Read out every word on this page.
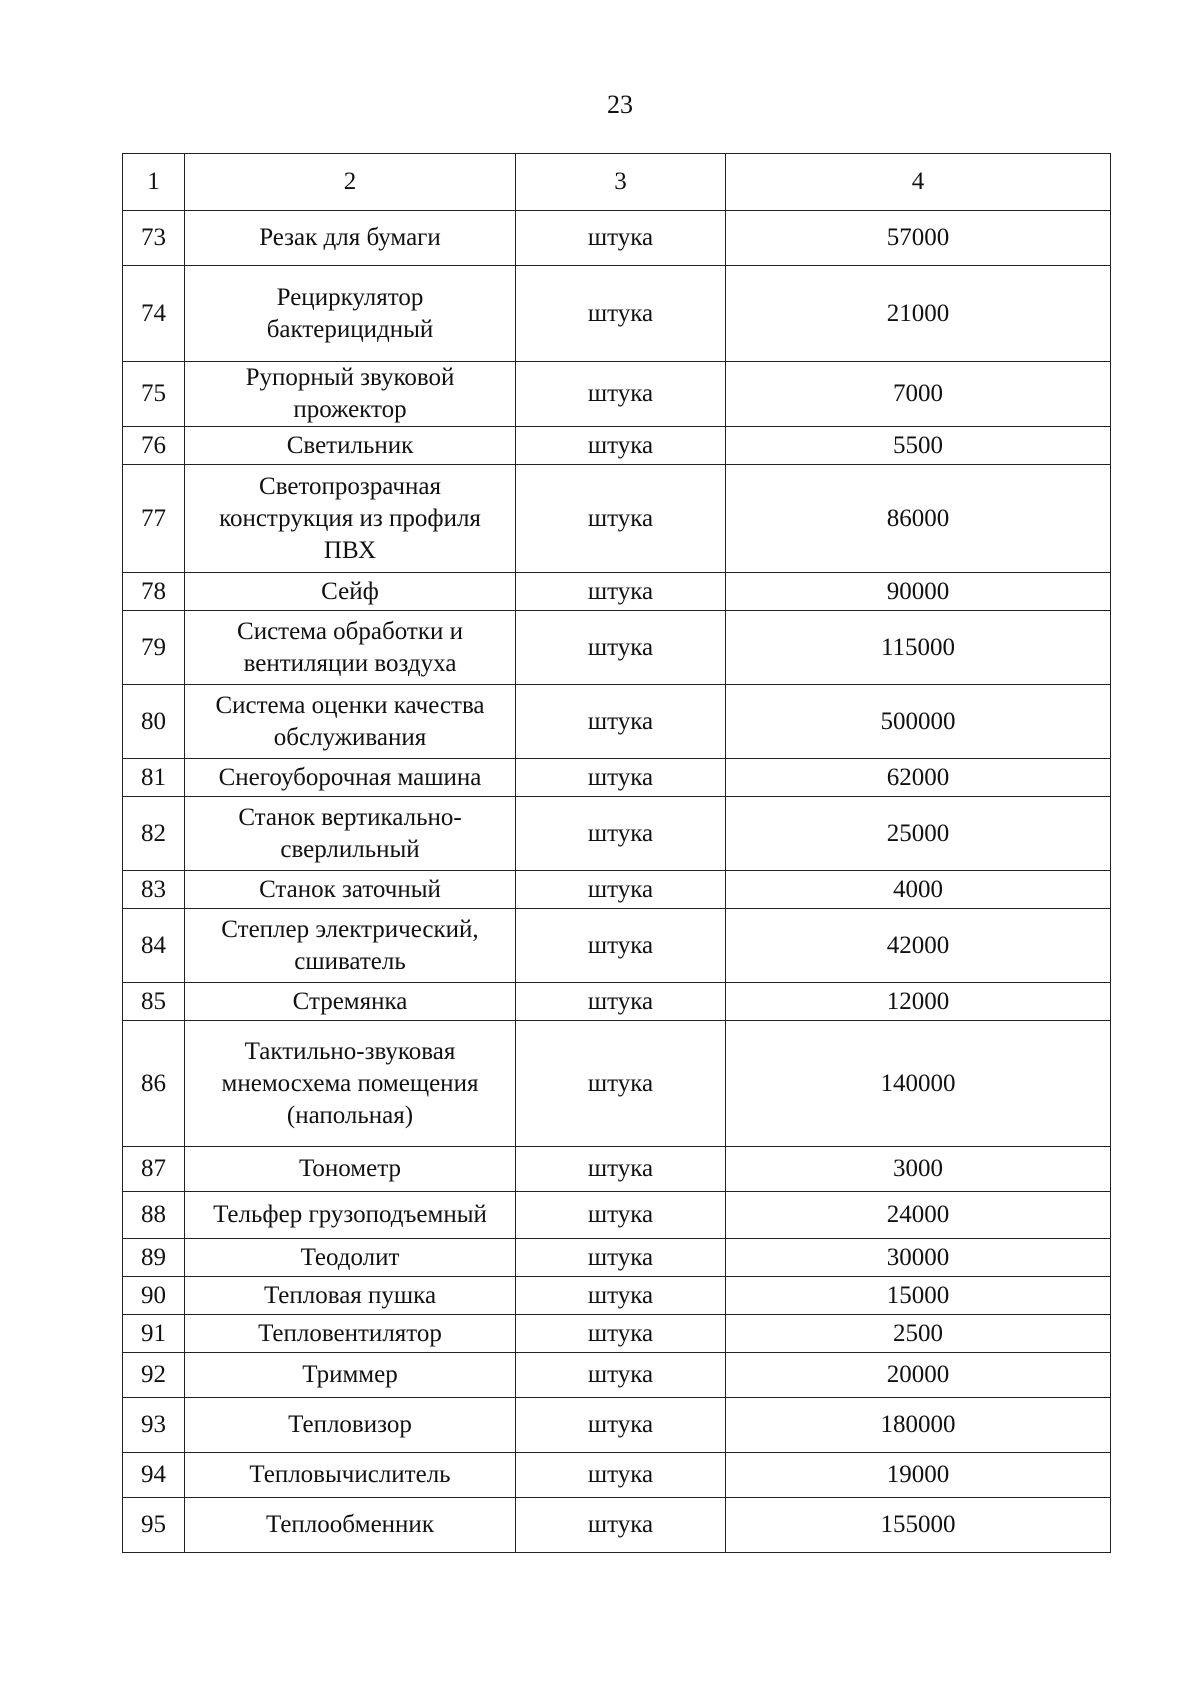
23
1	2	3	4
73	Резак для бумаги	штука	57000
74	Рециркулятор бактерицидный	штука	21000
75	Рупорный звуковой прожектор	штука	7000
76	Светильник	штука	5500
77	Светопрозрачная конструкция из профиля ПВХ	штука	86000
78	Сейф	штука	90000
79	Система обработки и вентиляции воздуха	штука	115000
80	Система оценки качества обслуживания	штука	500000
81	Снегоуборочная машина	штука	62000
82	Станок вертикально-сверлильный	штука	25000
83	Станок заточный	штука	4000
84	Степлер электрический, сшиватель	штука	42000
85	Стремянка	штука	12000
86	Тактильно-звуковая мнемосхема помещения (напольная)	штука	140000
87	Тонометр	штука	3000
88	Тельфер грузоподъемный	штука	24000
89	Теодолит	штука	30000
90	Тепловая пушка	штука	15000
91	Тепловентилятор	штука	2500
92	Триммер	штука	20000
93	Тепловизор	штука	180000
94	Тепловычислитель	штука	19000
95	Теплообменник	штука	155000
